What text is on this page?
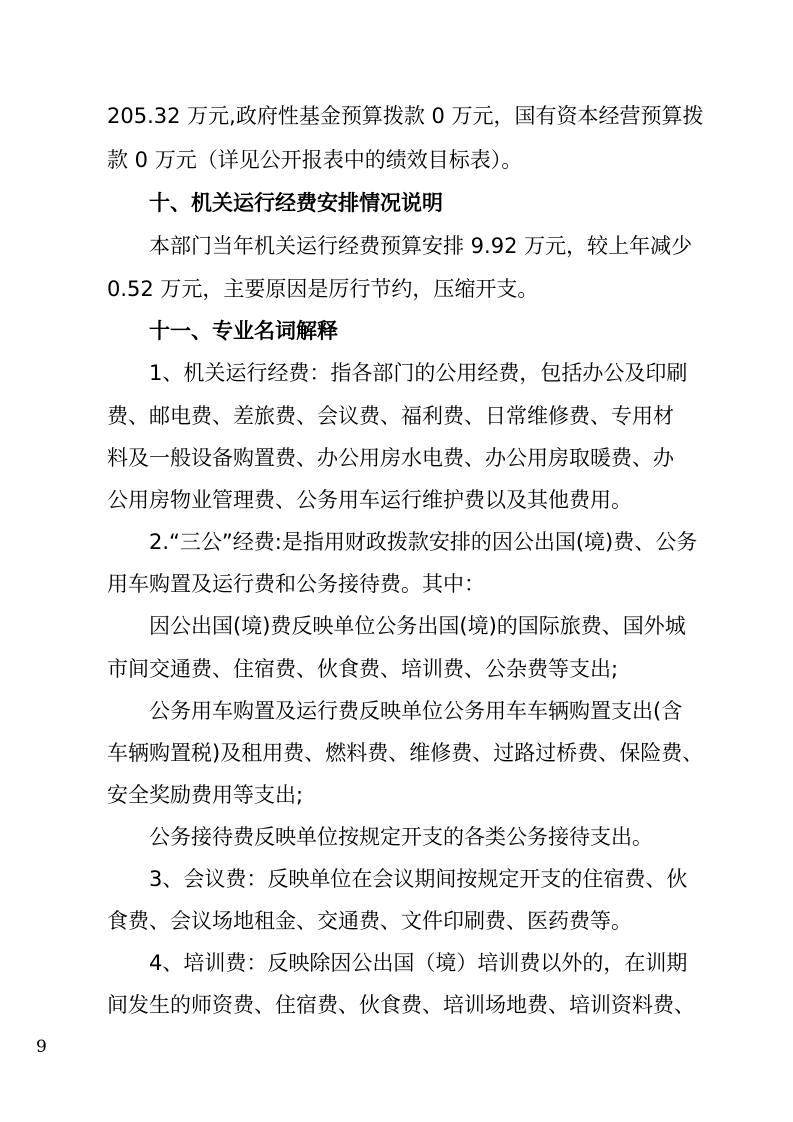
205.32 万元,政府性基金预算拨款 0 万元，国有资本经营预算拨
款 0 万元（详见公开报表中的绩效目标表）。
十、机关运行经费安排情况说明
本部门当年机关运行经费预算安排 9.92 万元，较上年减少
0.52 万元，主要原因是厉行节约，压缩开支。
十一、专业名词解释
1、机关运行经费：指各部门的公用经费，包括办公及印刷
费、邮电费、差旅费、会议费、福利费、日常维修费、专用材
料及一般设备购置费、办公用房水电费、办公用房取暖费、办
公用房物业管理费、公务用车运行维护费以及其他费用。
2.“三公”经费:是指用财政拨款安排的因公出国(境)费、公务
用车购置及运行费和公务接待费。其中：
因公出国(境)费反映单位公务出国(境)的国际旅费、国外城
市间交通费、住宿费、伙食费、培训费、公杂费等支出;
公务用车购置及运行费反映单位公务用车车辆购置支出(含
车辆购置税)及租用费、燃料费、维修费、过路过桥费、保险费、
安全奖励费用等支出;
公务接待费反映单位按规定开支的各类公务接待支出。
3、会议费：反映单位在会议期间按规定开支的住宿费、伙
食费、会议场地租金、交通费、文件印刷费、医药费等。
4、培训费：反映除因公出国（境）培训费以外的，在训期
间发生的师资费、住宿费、伙食费、培训场地费、培训资料费、
9
